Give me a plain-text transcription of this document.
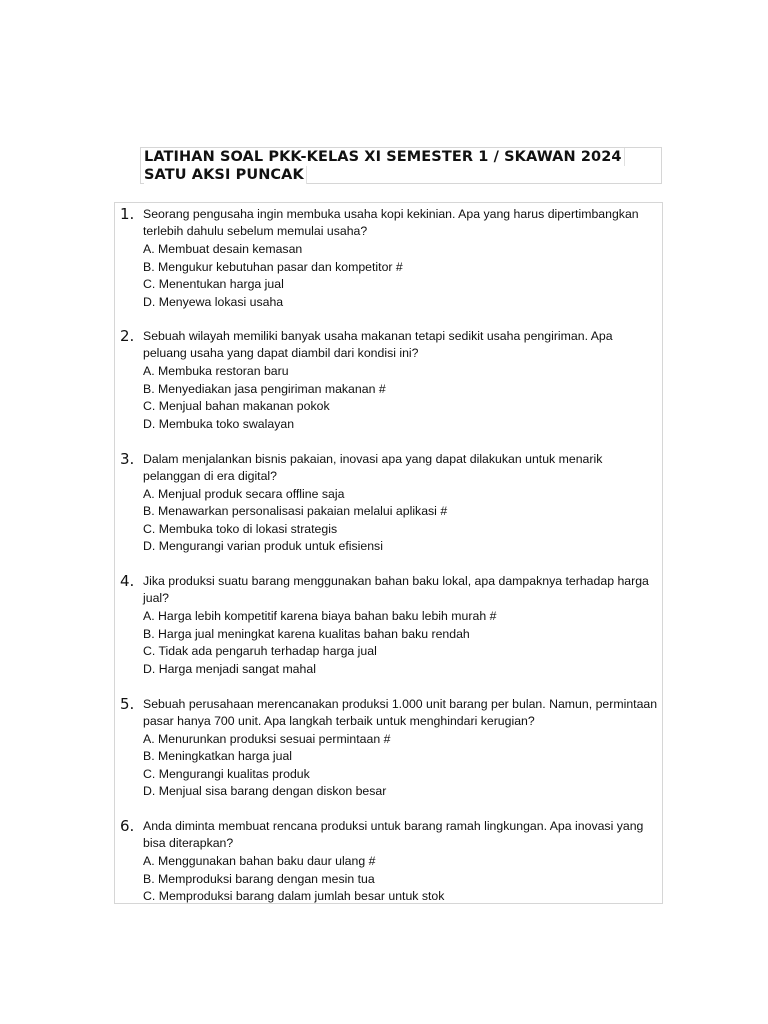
LATIHAN SOAL PKK-KELAS XI SEMESTER 1 / SKAWAN 2024
SATU AKSI PUNCAK
1. Seorang pengusaha ingin membuka usaha kopi kekinian. Apa yang harus dipertimbangkan terlebih dahulu sebelum memulai usaha?
A. Membuat desain kemasan
B. Mengukur kebutuhan pasar dan kompetitor #
C. Menentukan harga jual
D. Menyewa lokasi usaha
2. Sebuah wilayah memiliki banyak usaha makanan tetapi sedikit usaha pengiriman. Apa peluang usaha yang dapat diambil dari kondisi ini?
A. Membuka restoran baru
B. Menyediakan jasa pengiriman makanan #
C. Menjual bahan makanan pokok
D. Membuka toko swalayan
3. Dalam menjalankan bisnis pakaian, inovasi apa yang dapat dilakukan untuk menarik pelanggan di era digital?
A. Menjual produk secara offline saja
B. Menawarkan personalisasi pakaian melalui aplikasi #
C. Membuka toko di lokasi strategis
D. Mengurangi varian produk untuk efisiensi
4. Jika produksi suatu barang menggunakan bahan baku lokal, apa dampaknya terhadap harga jual?
A. Harga lebih kompetitif karena biaya bahan baku lebih murah #
B. Harga jual meningkat karena kualitas bahan baku rendah
C. Tidak ada pengaruh terhadap harga jual
D. Harga menjadi sangat mahal
5. Sebuah perusahaan merencanakan produksi 1.000 unit barang per bulan. Namun, permintaan pasar hanya 700 unit. Apa langkah terbaik untuk menghindari kerugian?
A. Menurunkan produksi sesuai permintaan #
B. Meningkatkan harga jual
C. Mengurangi kualitas produk
D. Menjual sisa barang dengan diskon besar
6. Anda diminta membuat rencana produksi untuk barang ramah lingkungan. Apa inovasi yang bisa diterapkan?
A. Menggunakan bahan baku daur ulang #
B. Memproduksi barang dengan mesin tua
C. Memproduksi barang dalam jumlah besar untuk stok
